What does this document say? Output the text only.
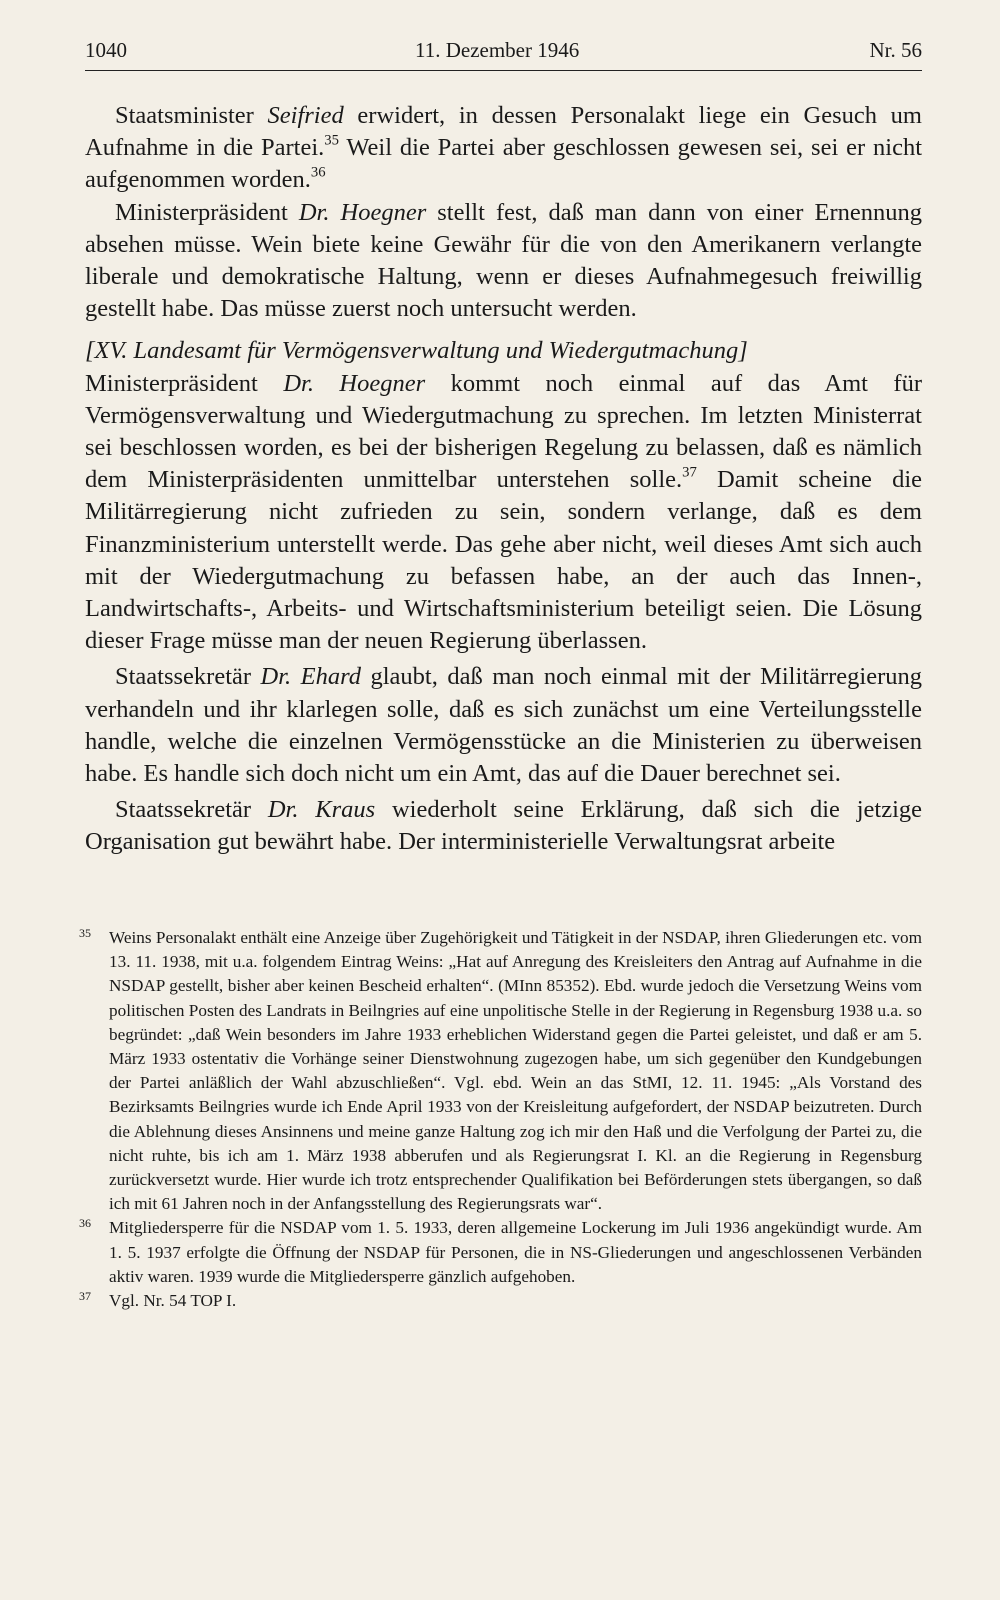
1040	11. Dezember 1946	Nr. 56

Staatsminister Seifried erwidert, in dessen Personalakt liege ein Gesuch um Aufnahme in die Partei.$^{35}$ Weil die Partei aber geschlossen gewesen sei, sei er nicht aufgenommen worden.$^{36}$

Ministerpräsident Dr. Hoegner stellt fest, daß man dann von einer Ernennung absehen müsse. Wein biete keine Gewähr für die von den Amerikanern verlangte liberale und demokratische Haltung, wenn er dieses Aufnahmegesuch freiwillig gestellt habe. Das müsse zuerst noch untersucht werden.

[XV. Landesamt für Vermögensverwaltung und Wiedergutmachung]

Ministerpräsident Dr. Hoegner kommt noch einmal auf das Amt für Vermögensverwaltung und Wiedergutmachung zu sprechen. Im letzten Ministerrat sei beschlossen worden, es bei der bisherigen Regelung zu belassen, daß es nämlich dem Ministerpräsidenten unmittelbar unterstehen solle.$^{37}$ Damit scheine die Militärregierung nicht zufrieden zu sein, sondern verlange, daß es dem Finanzministerium unterstellt werde. Das gehe aber nicht, weil dieses Amt sich auch mit der Wiedergutmachung zu befassen habe, an der auch das Innen-, Landwirtschafts-, Arbeits- und Wirtschaftsministerium beteiligt seien. Die Lösung dieser Frage müsse man der neuen Regierung überlassen.

Staatssekretär Dr. Ehard glaubt, daß man noch einmal mit der Militärregierung verhandeln und ihr klarlegen solle, daß es sich zunächst um eine Verteilungsstelle handle, welche die einzelnen Vermögensstücke an die Ministerien zu überweisen habe. Es handle sich doch nicht um ein Amt, das auf die Dauer berechnet sei.

Staatssekretär Dr. Kraus wiederholt seine Erklärung, daß sich die jetzige Organisation gut bewährt habe. Der interministerielle Verwaltungsrat arbeite

35 Weins Personalakt enthält eine Anzeige über Zugehörigkeit und Tätigkeit in der NSDAP, ihren Gliederungen etc. vom 13. 11. 1938, mit u.a. folgendem Eintrag Weins: „Hat auf Anregung des Kreisleiters den Antrag auf Aufnahme in die NSDAP gestellt, bisher aber keinen Bescheid erhalten“. (MInn 85352). Ebd. wurde jedoch die Versetzung Weins vom politischen Posten des Landrats in Beilngries auf eine unpolitische Stelle in der Regierung in Regensburg 1938 u.a. so begründet: „daß Wein besonders im Jahre 1933 erheblichen Widerstand gegen die Partei geleistet, und daß er am 5. März 1933 ostentativ die Vorhänge seiner Dienstwohnung zugezogen habe, um sich gegenüber den Kundgebungen der Partei anläßlich der Wahl abzuschließen“. Vgl. ebd. Wein an das StMI, 12. 11. 1945: „Als Vorstand des Bezirksamts Beilngries wurde ich Ende April 1933 von der Kreisleitung aufgefordert, der NSDAP beizutreten. Durch die Ablehnung dieses Ansinnens und meine ganze Haltung zog ich mir den Haß und die Verfolgung der Partei zu, die nicht ruhte, bis ich am 1. März 1938 abberufen und als Regierungsrat I. Kl. an die Regierung in Regensburg zurückversetzt wurde. Hier wurde ich trotz entsprechender Qualifikation bei Beförderungen stets übergangen, so daß ich mit 61 Jahren noch in der Anfangsstellung des Regierungsrats war“.

36 Mitgliedersperre für die NSDAP vom 1. 5. 1933, deren allgemeine Lockerung im Juli 1936 angekündigt wurde. Am 1. 5. 1937 erfolgte die Öffnung der NSDAP für Personen, die in NS-Gliederungen und angeschlossenen Verbänden aktiv waren. 1939 wurde die Mitgliedersperre gänzlich aufgehoben.

37 Vgl. Nr. 54 TOP I.
